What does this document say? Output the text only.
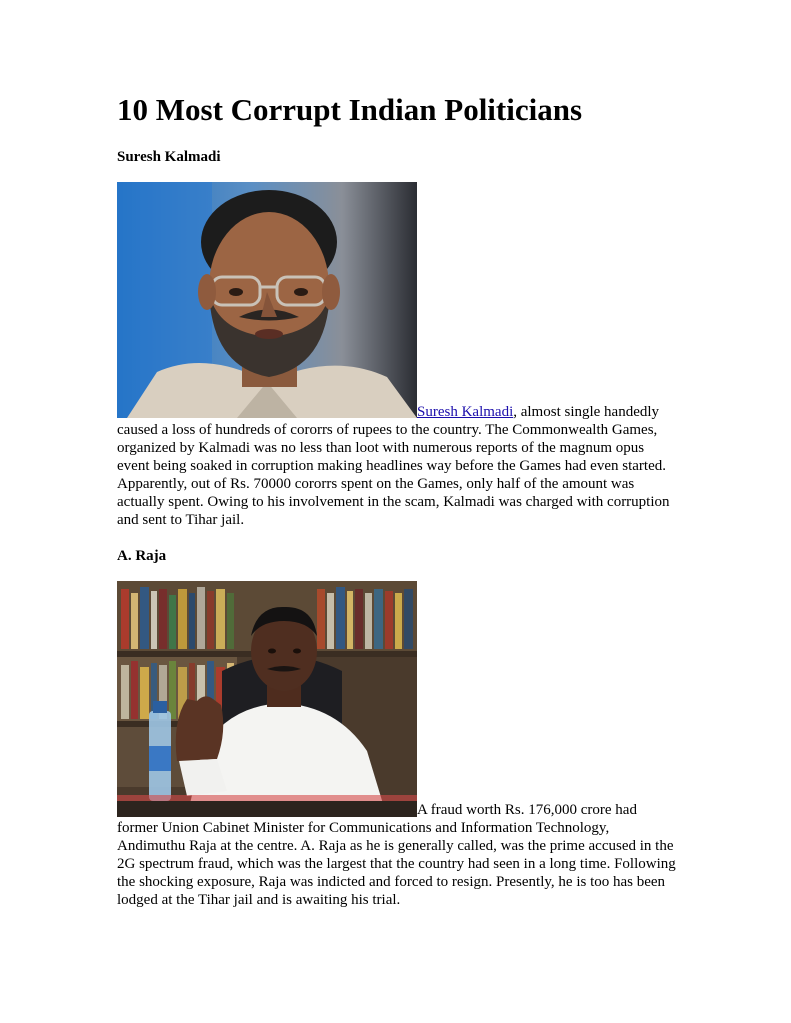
10 Most Corrupt Indian Politicians

Suresh Kalmadi

Suresh Kalmadi, almost single handedly
caused a loss of hundreds of cororrs of rupees to the country. The Commonwealth Games, organized by Kalmadi was no less than loot with numerous reports of the magnum opus event being soaked in corruption making headlines way before the Games had even started. Apparently, out of Rs. 70000 cororrs spent on the Games, only half of the amount was actually spent. Owing to his involvement in the scam, Kalmadi was charged with corruption and sent to Tihar jail.

A. Raja

A fraud worth Rs. 176,000 crore had
former Union Cabinet Minister for Communications and Information Technology, Andimuthu Raja at the centre. A. Raja as he is generally called, was the prime accused in the 2G spectrum fraud, which was the largest that the country had seen in a long time. Following the shocking exposure, Raja was indicted and forced to resign. Presently, he is too has been lodged at the Tihar jail and is awaiting his trial.
